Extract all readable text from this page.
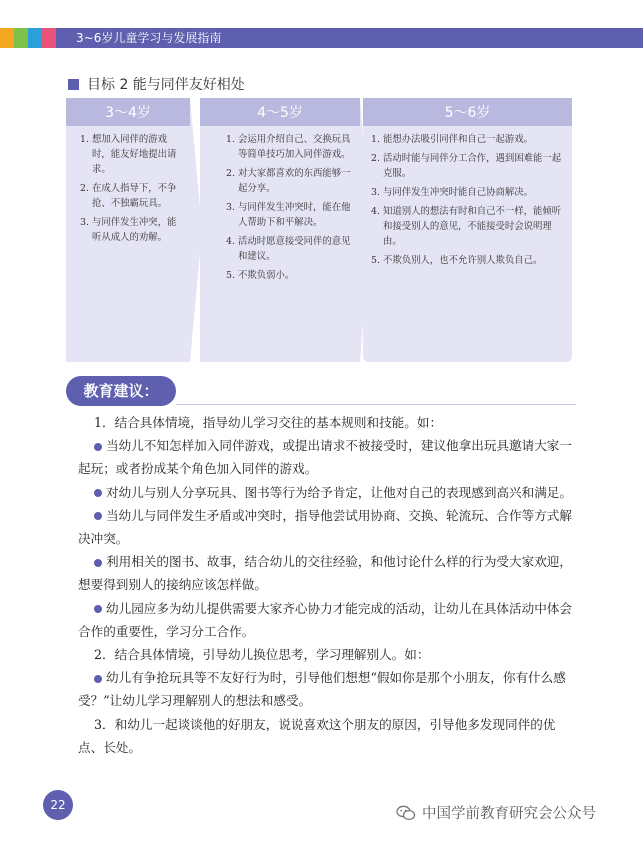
3~6岁儿童学习与发展指南
目标 2 能与同伴友好相处
3～4岁
1. 想加入同伴的游戏时，能友好地提出请求。
2. 在成人指导下，不争抢、不独霸玩具。
3. 与同伴发生冲突，能听从成人的劝解。
4～5岁
1. 会运用介绍自己、交换玩具等简单技巧加入同伴游戏。
2. 对大家都喜欢的东西能够一起分享。
3. 与同伴发生冲突时，能在他人帮助下和平解决。
4. 活动时愿意接受同伴的意见和建议。
5. 不欺负弱小。
5～6岁
1. 能想办法吸引同伴和自己一起游戏。
2. 活动时能与同伴分工合作，遇到困难能一起克服。
3. 与同伴发生冲突时能自己协商解决。
4. 知道别人的想法有时和自己不一样，能倾听和接受别人的意见，不能接受时会说明理由。
5. 不欺负别人，也不允许别人欺负自己。
教育建议：

1．结合具体情境，指导幼儿学习交往的基本规则和技能。如：

当幼儿不知怎样加入同伴游戏，或提出请求不被接受时，建议他拿出玩具邀请大家一起玩；或者扮成某个角色加入同伴的游戏。

对幼儿与别人分享玩具、图书等行为给予肯定，让他对自己的表现感到高兴和满足。

当幼儿与同伴发生矛盾或冲突时，指导他尝试用协商、交换、轮流玩、合作等方式解决冲突。

利用相关的图书、故事，结合幼儿的交往经验，和他讨论什么样的行为受大家欢迎，想要得到别人的接纳应该怎样做。

幼儿园应多为幼儿提供需要大家齐心协力才能完成的活动，让幼儿在具体活动中体会合作的重要性，学习分工合作。

2．结合具体情境，引导幼儿换位思考，学习理解别人。如：

幼儿有争抢玩具等不友好行为时，引导他们想想“假如你是那个小朋友，你有什么感受？”让幼儿学习理解别人的想法和感受。

3．和幼儿一起谈谈他的好朋友，说说喜欢这个朋友的原因，引导他多发现同伴的优点、长处。

22
中国学前教育研究会公众号
